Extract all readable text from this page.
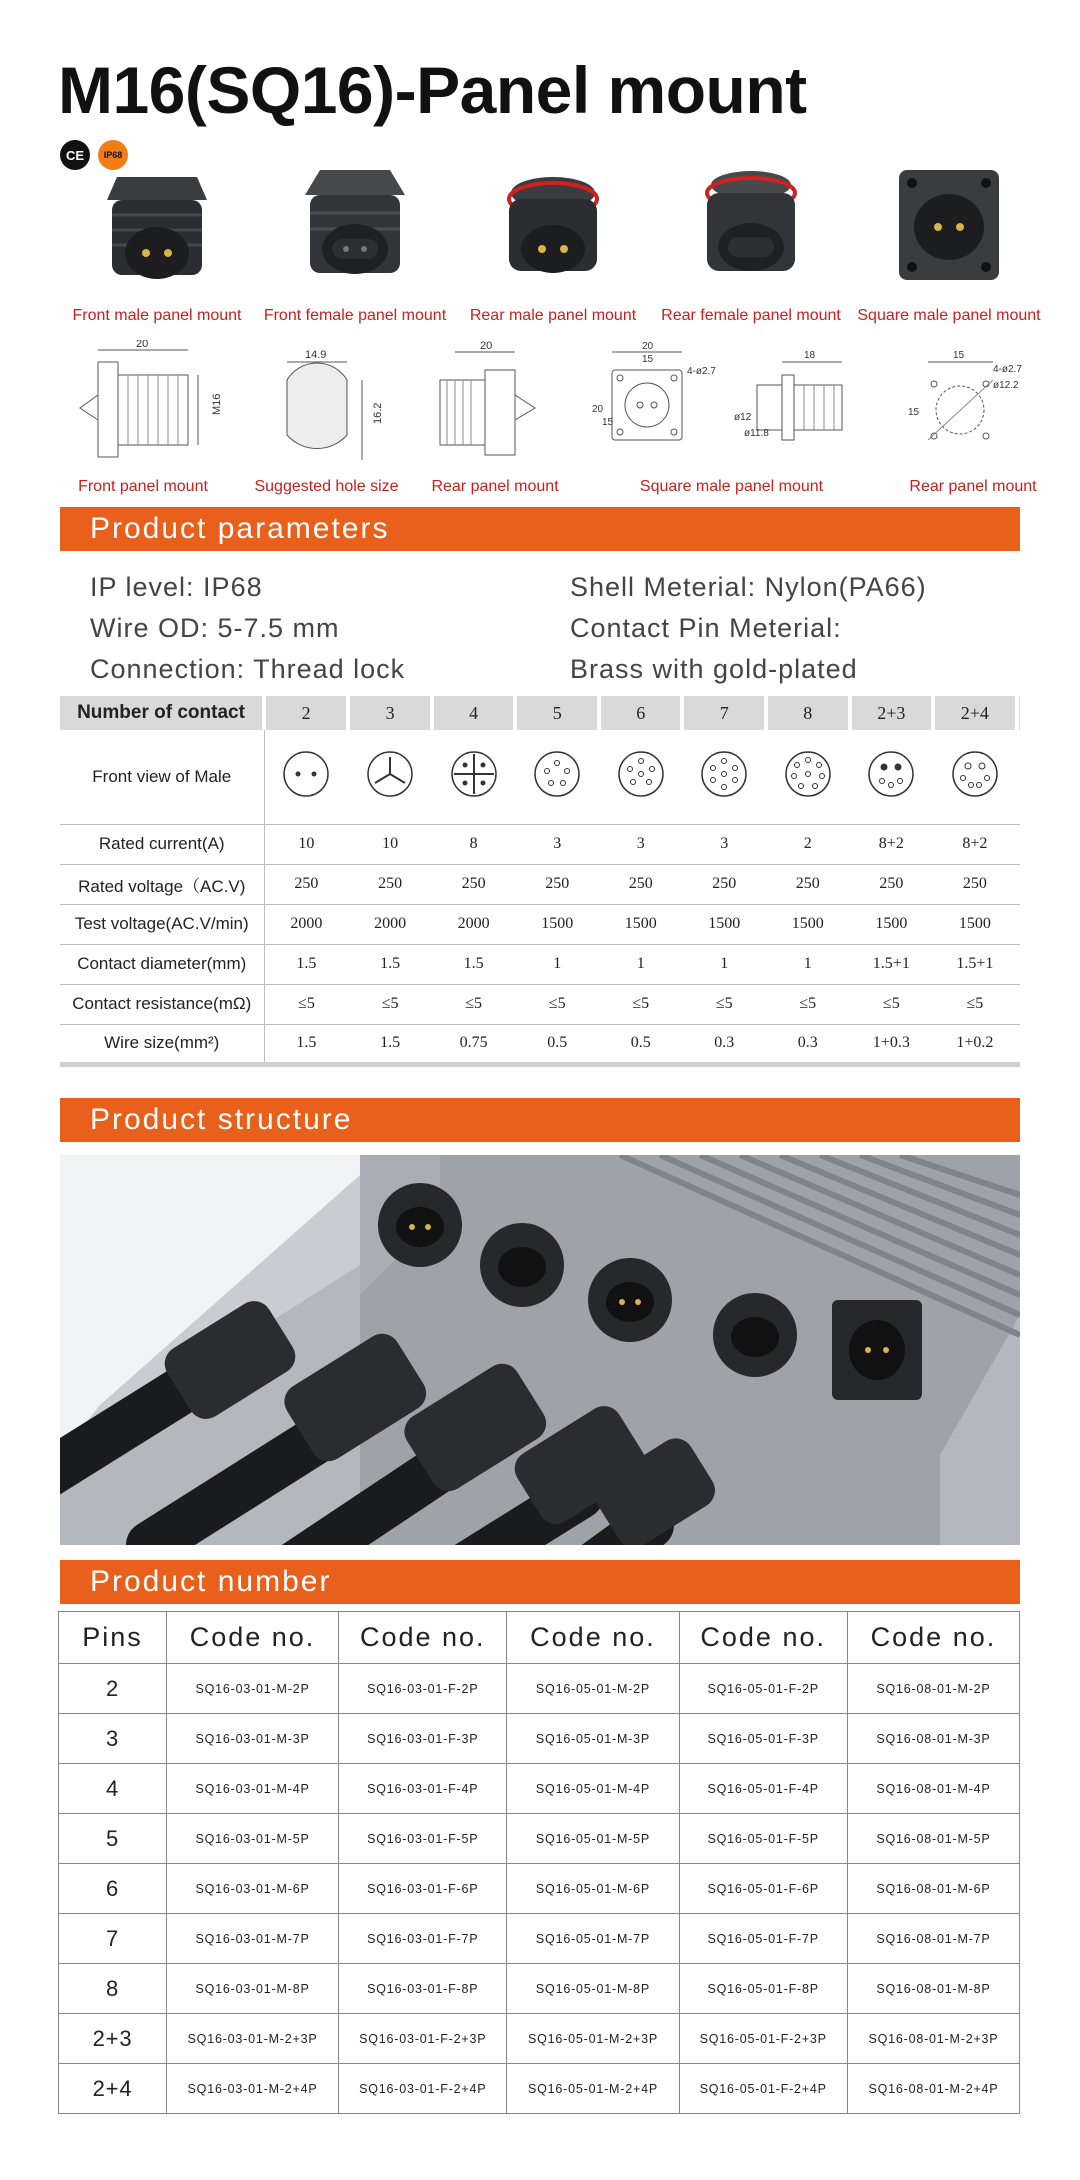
M16(SQ16)-Panel mount
CE	IP68
Front male panel mount	Front female panel mount	Rear male panel mount	Rear female panel mount	Square male panel mount
20
M16
Front panel mount
14.9
16.2
Suggested hole size
20
Rear panel mount
20
15
4-ø2.7
20
15
18
ø12
ø11.8
Square male panel mount
15
4-ø2.7
ø12.2
15
Rear panel mount
Product parameters
IP level: IP68	Shell Meterial: Nylon(PA66)
Wire OD: 5-7.5 mm	Contact Pin Meterial:
Connection: Thread lock	Brass with gold-plated
Number of contact	2	3	4	5	6	7	8	2+3	2+4	
Front view of Male										
Rated current(A)	10	10	8	3	3	3	2	8+2	8+2	
Rated voltage（AC.V)	250	250	250	250	250	250	250	250	250	
Test voltage(AC.V/min)	2000	2000	2000	1500	1500	1500	1500	1500	1500	
Contact diameter(mm)	1.5	1.5	1.5	1	1	1	1	1.5+1	1.5+1	
Contact resistance(mΩ)	≤5	≤5	≤5	≤5	≤5	≤5	≤5	≤5	≤5	
Wire size(mm²)	1.5	1.5	0.75	0.5	0.5	0.3	0.3	1+0.3	1+0.2	
Product structure
Product number
Pins	Code no.	Code no.	Code no.	Code no.	Code no.
2	SQ16-03-01-M-2P	SQ16-03-01-F-2P	SQ16-05-01-M-2P	SQ16-05-01-F-2P	SQ16-08-01-M-2P
3	SQ16-03-01-M-3P	SQ16-03-01-F-3P	SQ16-05-01-M-3P	SQ16-05-01-F-3P	SQ16-08-01-M-3P
4	SQ16-03-01-M-4P	SQ16-03-01-F-4P	SQ16-05-01-M-4P	SQ16-05-01-F-4P	SQ16-08-01-M-4P
5	SQ16-03-01-M-5P	SQ16-03-01-F-5P	SQ16-05-01-M-5P	SQ16-05-01-F-5P	SQ16-08-01-M-5P
6	SQ16-03-01-M-6P	SQ16-03-01-F-6P	SQ16-05-01-M-6P	SQ16-05-01-F-6P	SQ16-08-01-M-6P
7	SQ16-03-01-M-7P	SQ16-03-01-F-7P	SQ16-05-01-M-7P	SQ16-05-01-F-7P	SQ16-08-01-M-7P
8	SQ16-03-01-M-8P	SQ16-03-01-F-8P	SQ16-05-01-M-8P	SQ16-05-01-F-8P	SQ16-08-01-M-8P
2+3	SQ16-03-01-M-2+3P	SQ16-03-01-F-2+3P	SQ16-05-01-M-2+3P	SQ16-05-01-F-2+3P	SQ16-08-01-M-2+3P
2+4	SQ16-03-01-M-2+4P	SQ16-03-01-F-2+4P	SQ16-05-01-M-2+4P	SQ16-05-01-F-2+4P	SQ16-08-01-M-2+4P
